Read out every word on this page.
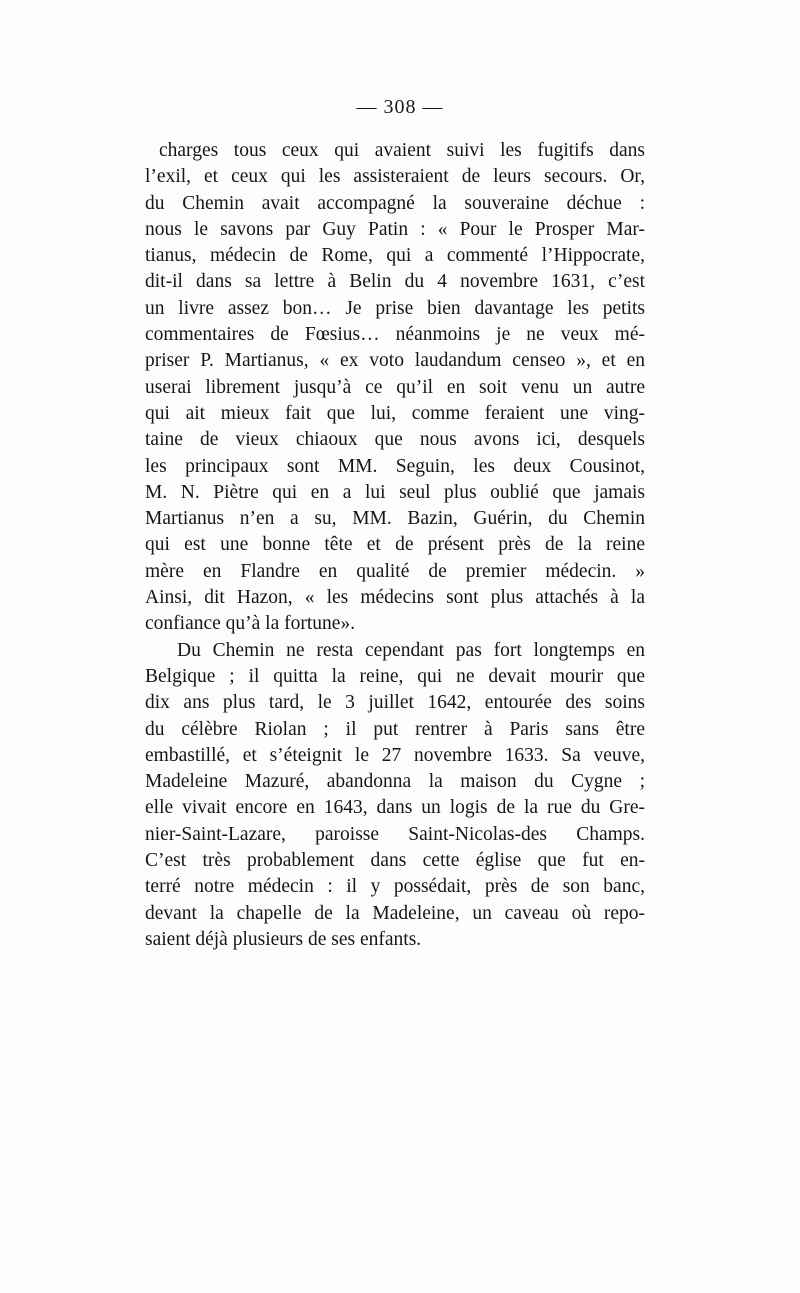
— 308 —
charges tous ceux qui avaient suivi les fugitifs dans
l’exil, et ceux qui les assisteraient de leurs secours. Or,
du Chemin avait accompagné la souveraine déchue :
nous le savons par Guy Patin : « Pour le Prosper Mar-
tianus, médecin de Rome, qui a commenté l’Hippocrate,
dit-il dans sa lettre à Belin du 4 novembre 1631, c’est
un livre assez bon… Je prise bien davantage les petits
commentaires de Fœsius… néanmoins je ne veux mé-
priser P. Martianus, « ex voto laudandum censeo », et en
userai librement jusqu’à ce qu’il en soit venu un autre
qui ait mieux fait que lui, comme feraient une ving-
taine de vieux chiaoux que nous avons ici, desquels
les principaux sont MM. Seguin, les deux Cousinot,
M. N. Piètre qui en a lui seul plus oublié que jamais
Martianus n’en a su, MM. Bazin, Guérin, du Chemin
qui est une bonne tête et de présent près de la reine
mère en Flandre en qualité de premier médecin. »
Ainsi, dit Hazon, « les médecins sont plus attachés à la
confiance qu’à la fortune».
Du Chemin ne resta cependant pas fort longtemps en
Belgique ; il quitta la reine, qui ne devait mourir que
dix ans plus tard, le 3 juillet 1642, entourée des soins
du célèbre Riolan ; il put rentrer à Paris sans être
embastillé, et s’éteignit le 27 novembre 1633. Sa veuve,
Madeleine Mazuré, abandonna la maison du Cygne ;
elle vivait encore en 1643, dans un logis de la rue du Gre-
nier-Saint-Lazare, paroisse Saint-Nicolas-des Champs.
C’est très probablement dans cette église que fut en-
terré notre médecin : il y possédait, près de son banc,
devant la chapelle de la Madeleine, un caveau où repo-
saient déjà plusieurs de ses enfants.
